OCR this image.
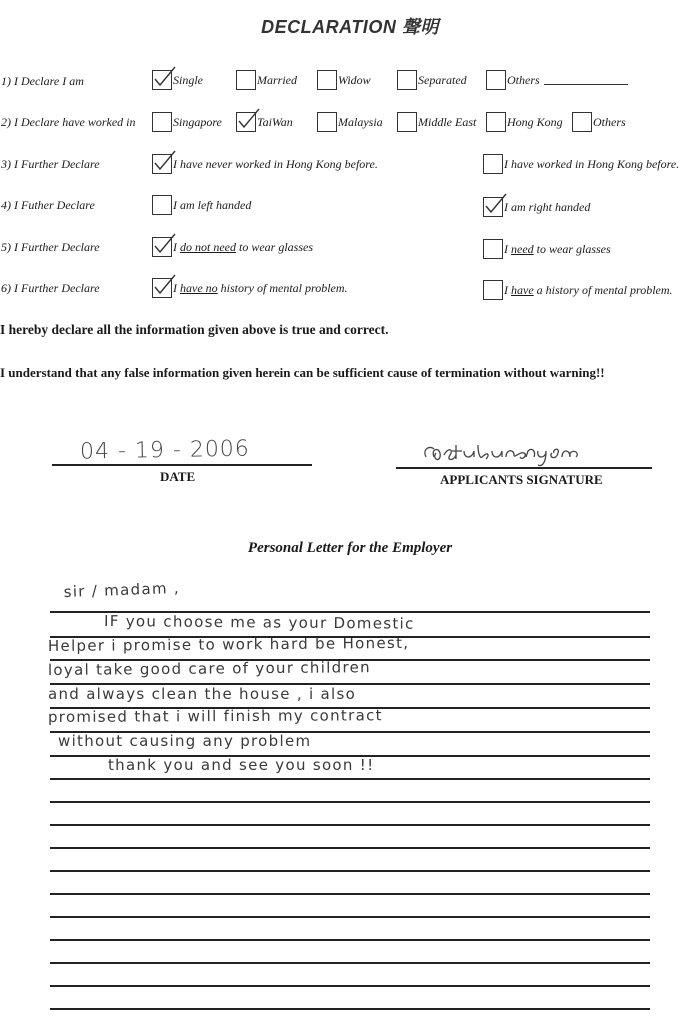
DECLARATION 聲明
1) I Declare I am	Single	Married	Widow	Separated	Others
2) I Declare have worked in	Singapore	TaiWan	Malaysia	Middle East	Hong Kong	Others
3) I Further Declare	I have never worked in Hong Kong before.	I have worked in Hong Kong before.
4) I Futher Declare	I am left handed	I am right handed
5) I Further Declare	I do not need to wear glasses	I need to wear glasses
6) I Further Declare	I have no history of mental problem.	I have a history of mental problem.
I hereby declare all the information given above is true and correct.
I understand that any false information given herein can be sufficient cause of termination without warning!!
04 - 19 - 2006
DATE	APPLICANTS SIGNATURE
Personal Letter for the Employer
sir / madam ,
IF you choose me as your Domestic
Helper i promise to work hard be Honest,
loyal take good care of your children
and always clean the house , i also
promised that i will finish my contract
without causing any problem
thank you and see you soon !!
